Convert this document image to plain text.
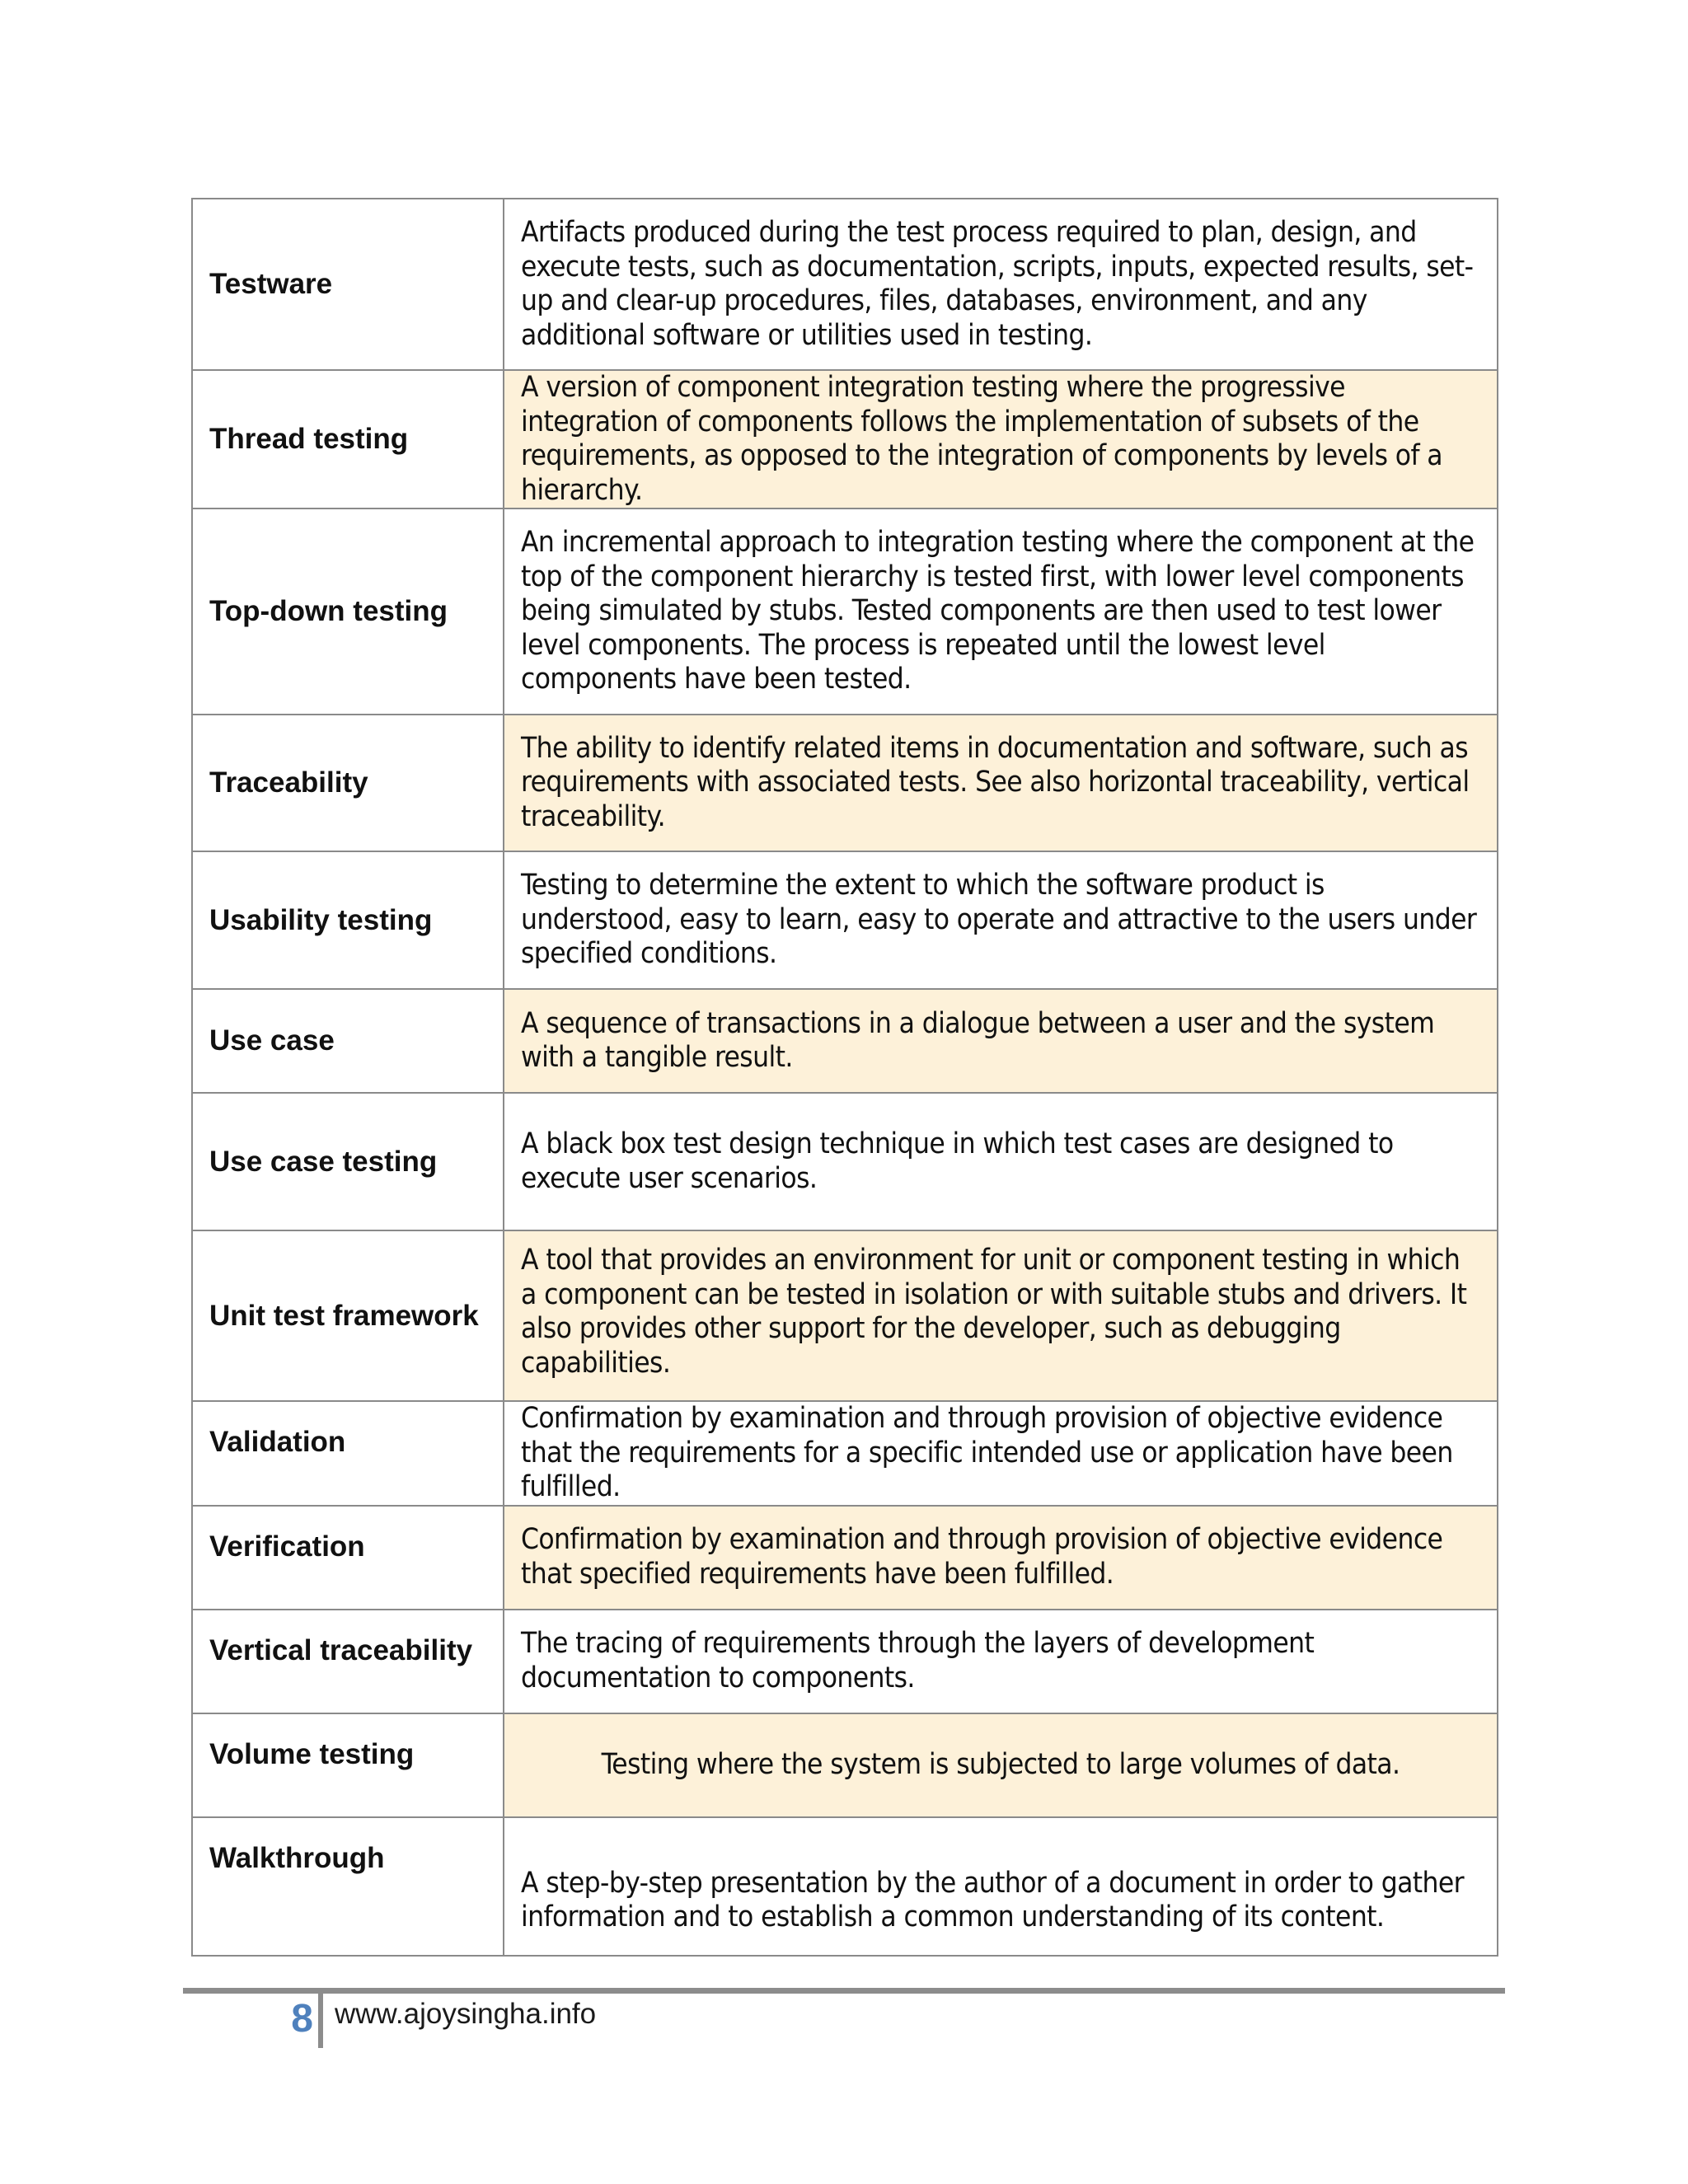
Testware	Artifacts produced during the test process required to plan, design, and execute tests, such as documentation, scripts, inputs, expected results, set-up and clear-up procedures, files, databases, environment, and any additional software or utilities used in testing.
Thread testing	A version of component integration testing where the progressive integration of components follows the implementation of subsets of the requirements, as opposed to the integration of components by levels of a hierarchy.
Top-down testing	An incremental approach to integration testing where the component at the top of the component hierarchy is tested first, with lower level components being simulated by stubs. Tested components are then used to test lower level components. The process is repeated until the lowest level components have been tested.
Traceability	The ability to identify related items in documentation and software, such as requirements with associated tests. See also horizontal traceability, vertical traceability.
Usability testing	Testing to determine the extent to which the software product is understood, easy to learn, easy to operate and attractive to the users under specified conditions.
Use case	A sequence of transactions in a dialogue between a user and the system with a tangible result.
Use case testing	A black box test design technique in which test cases are designed to execute user scenarios.
Unit test framework	A tool that provides an environment for unit or component testing in which a component can be tested in isolation or with suitable stubs and drivers. It also provides other support for the developer, such as debugging capabilities.
Validation	Confirmation by examination and through provision of objective evidence that the requirements for a specific intended use or application have been fulfilled.
Verification	Confirmation by examination and through provision of objective evidence that specified requirements have been fulfilled.
Vertical traceability	The tracing of requirements through the layers of development documentation to components.
Volume testing	Testing where the system is subjected to large volumes of data.
Walkthrough	A step-by-step presentation by the author of a document in order to gather information and to establish a common understanding of its content.
8 www.ajoysingha.info
